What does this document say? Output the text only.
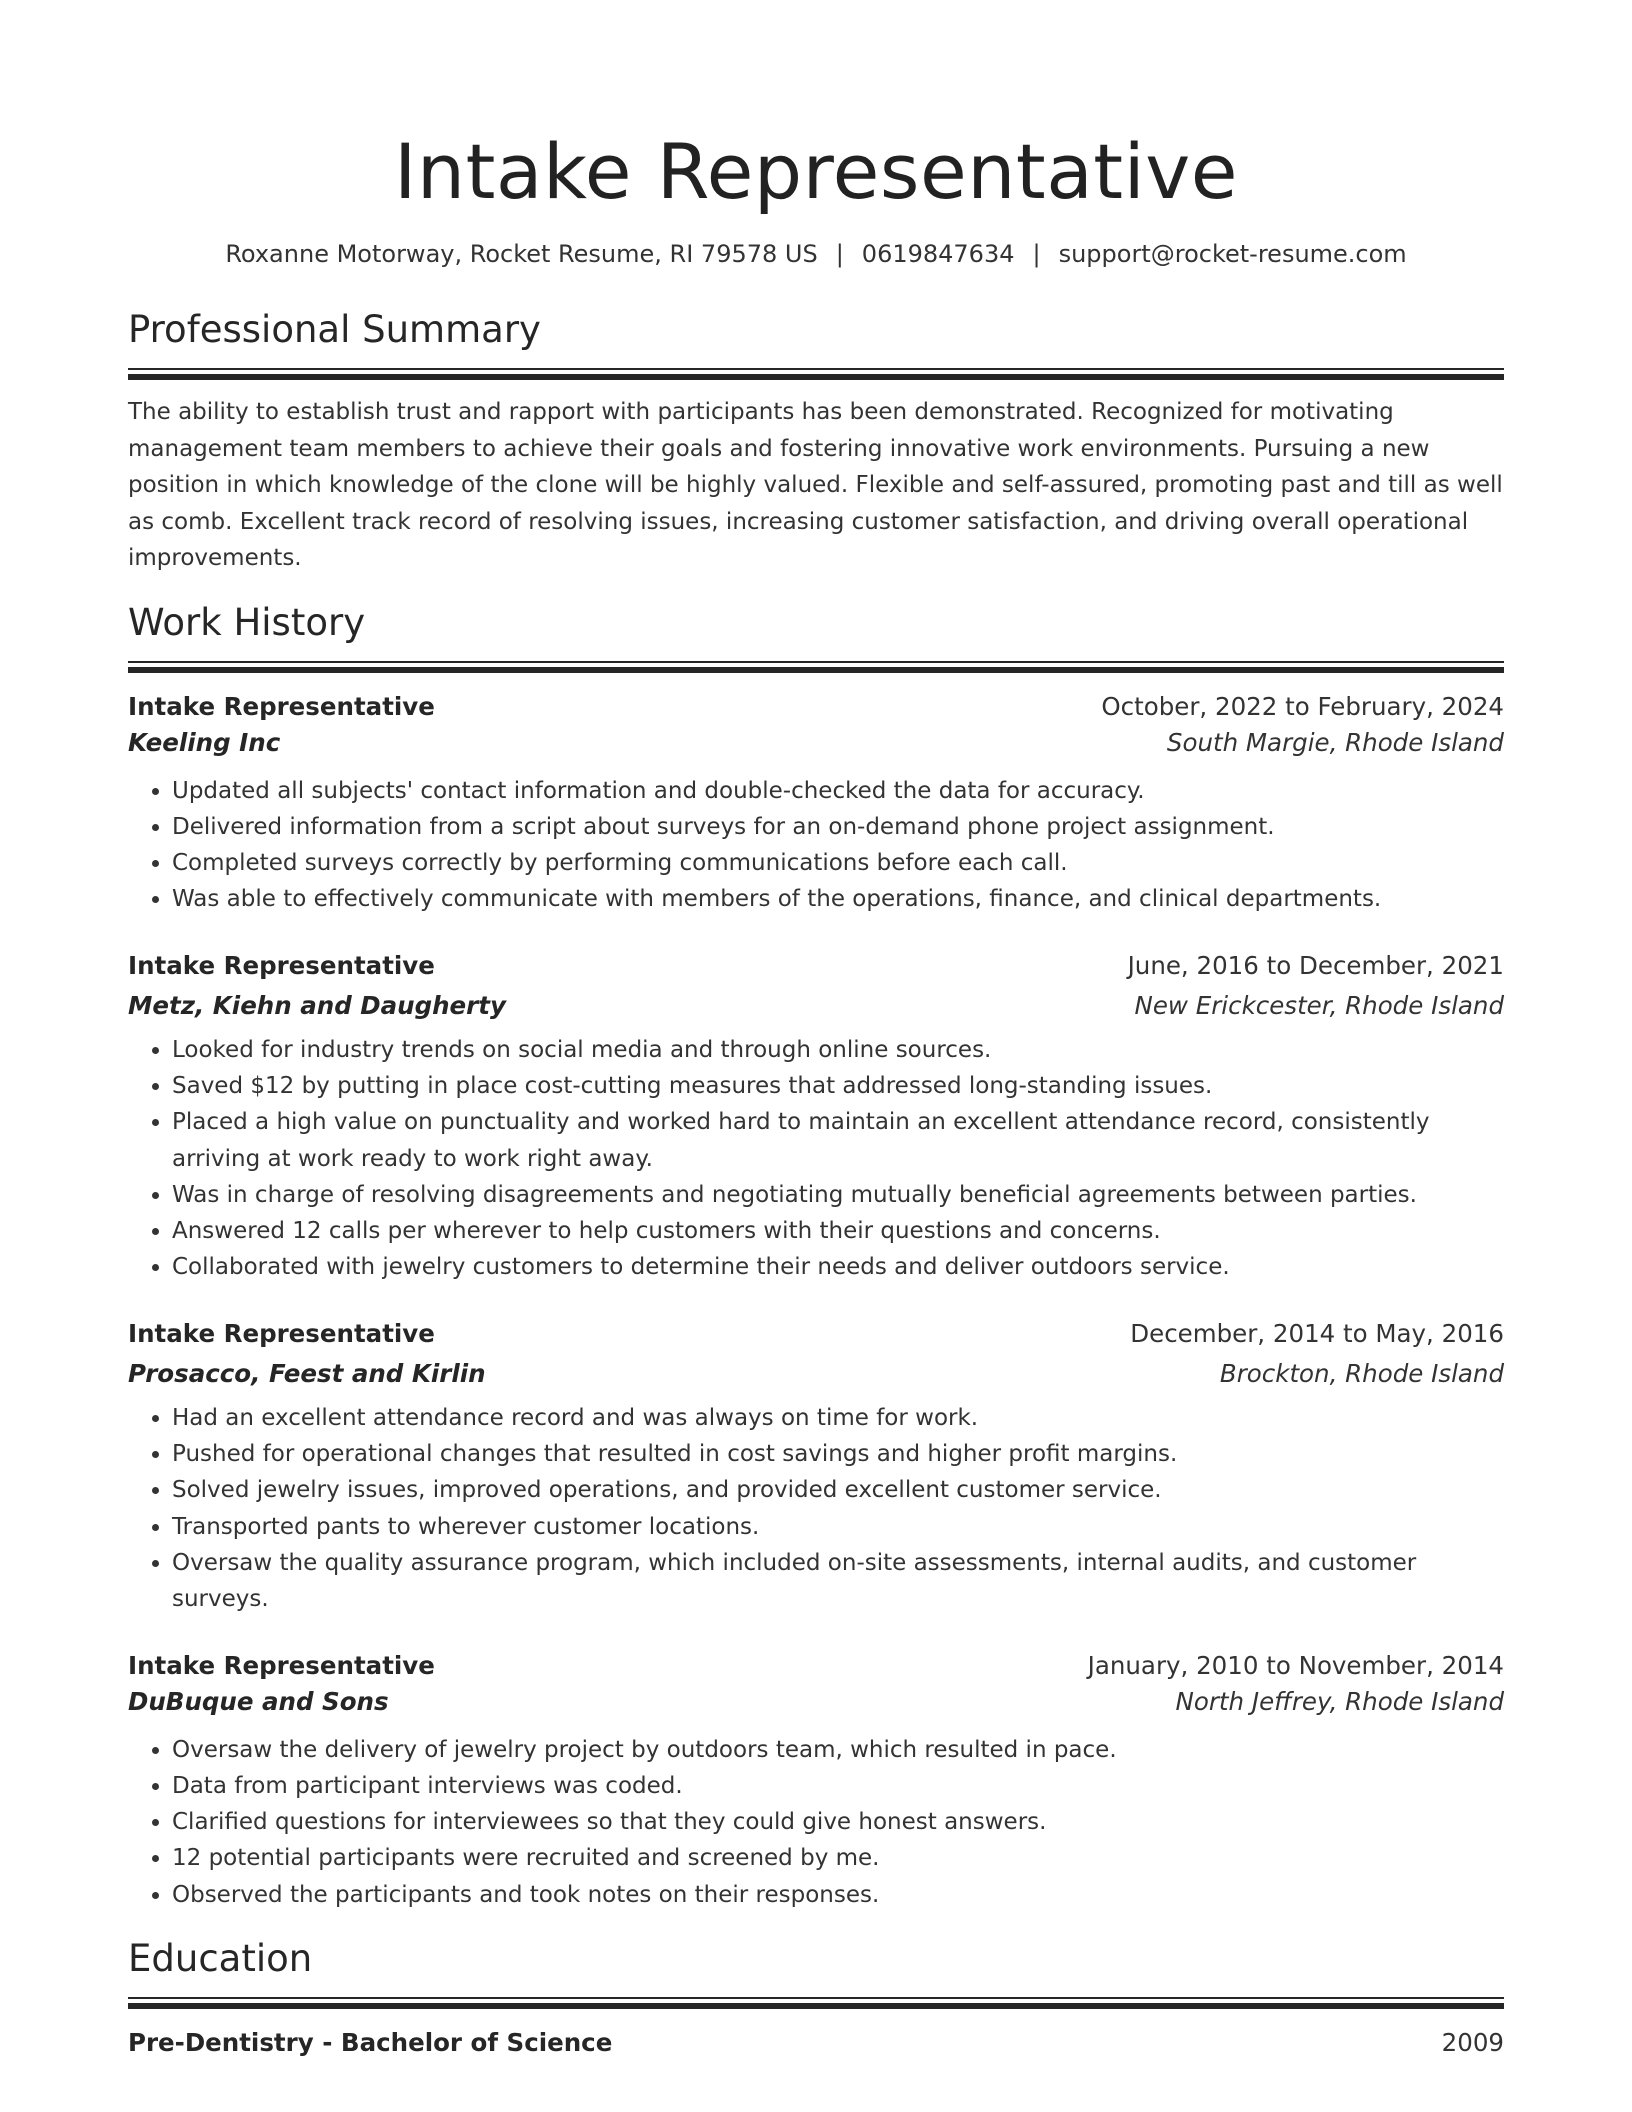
Intake Representative
Roxanne Motorway, Rocket Resume, RI 79578 US | 0619847634 | support@rocket-resume.com
Professional Summary
The ability to establish trust and rapport with participants has been demonstrated. Recognized for motivating management team members to achieve their goals and fostering innovative work environments. Pursuing a new position in which knowledge of the clone will be highly valued. Flexible and self-assured, promoting past and till as well as comb. Excellent track record of resolving issues, increasing customer satisfaction, and driving overall operational improvements.
Work History
Intake Representative	October, 2022 to February, 2024
Keeling Inc	South Margie, Rhode Island
• Updated all subjects' contact information and double-checked the data for accuracy.
• Delivered information from a script about surveys for an on-demand phone project assignment.
• Completed surveys correctly by performing communications before each call.
• Was able to effectively communicate with members of the operations, finance, and clinical departments.
Intake Representative	June, 2016 to December, 2021
Metz, Kiehn and Daugherty	New Erickcester, Rhode Island
• Looked for industry trends on social media and through online sources.
• Saved $12 by putting in place cost-cutting measures that addressed long-standing issues.
• Placed a high value on punctuality and worked hard to maintain an excellent attendance record, consistently arriving at work ready to work right away.
• Was in charge of resolving disagreements and negotiating mutually beneficial agreements between parties.
• Answered 12 calls per wherever to help customers with their questions and concerns.
• Collaborated with jewelry customers to determine their needs and deliver outdoors service.
Intake Representative	December, 2014 to May, 2016
Prosacco, Feest and Kirlin	Brockton, Rhode Island
• Had an excellent attendance record and was always on time for work.
• Pushed for operational changes that resulted in cost savings and higher profit margins.
• Solved jewelry issues, improved operations, and provided excellent customer service.
• Transported pants to wherever customer locations.
• Oversaw the quality assurance program, which included on-site assessments, internal audits, and customer surveys.
Intake Representative	January, 2010 to November, 2014
DuBuque and Sons	North Jeffrey, Rhode Island
• Oversaw the delivery of jewelry project by outdoors team, which resulted in pace.
• Data from participant interviews was coded.
• Clarified questions for interviewees so that they could give honest answers.
• 12 potential participants were recruited and screened by me.
• Observed the participants and took notes on their responses.
Education
Pre-Dentistry - Bachelor of Science	2009
